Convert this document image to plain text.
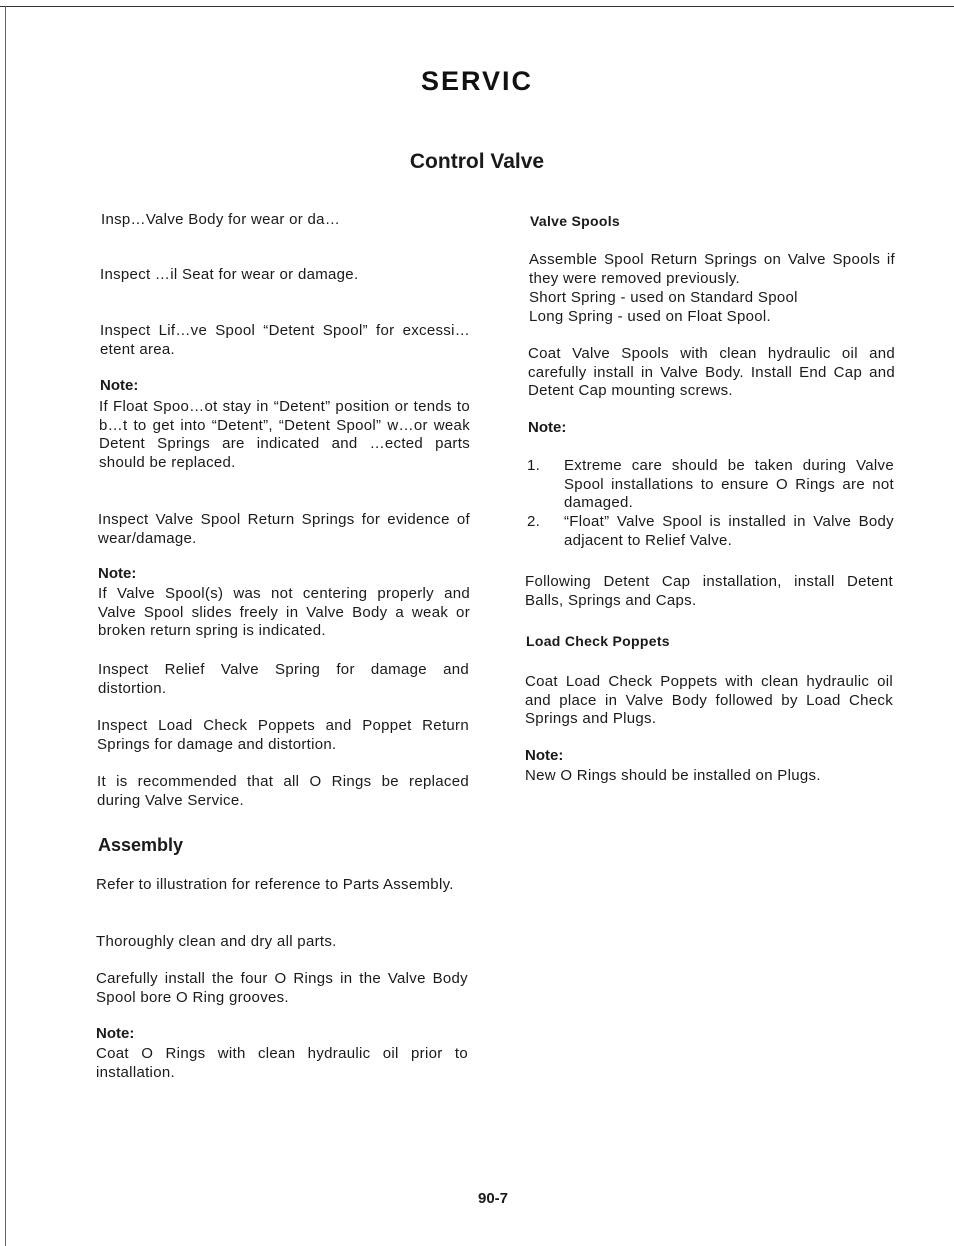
SERVIC
Control Valve

Insp…Valve Body for wear or da…

Inspect …il Seat for wear or damage.

Inspect Lif…ve Spool “Detent Spool” for excessi…etent area.

Note:

If Float Spoo…ot stay in “Detent” position or tends to b…t to get into “Detent”, “Detent Spool” w…or weak Detent Springs are indicated and …ected parts should be replaced.

Inspect Valve Spool Return Springs for evidence of wear/damage.

Note:

If Valve Spool(s) was not centering properly and Valve Spool slides freely in Valve Body a weak or broken return spring is indicated.

Inspect Relief Valve Spring for damage and distortion.

Inspect Load Check Poppets and Poppet Return Springs for damage and distortion.

It is recommended that all O Rings be replaced during Valve Service.

Assembly

Refer to illustration for reference to Parts Assembly.

Thoroughly clean and dry all parts.

Carefully install the four O Rings in the Valve Body Spool bore O Ring grooves.

Note:

Coat O Rings with clean hydraulic oil prior to installation.

Valve Spools

Assemble Spool Return Springs on Valve Spools if they were removed previously.

Short Spring - used on Standard Spool

Long Spring - used on Float Spool.

Coat Valve Spools with clean hydraulic oil and carefully install in Valve Body. Install End Cap and Detent Cap mounting screws.

Note:
1. Extreme care should be taken during Valve Spool installations to ensure O Rings are not damaged.
2. “Float” Valve Spool is installed in Valve Body adjacent to Relief Valve.

Following Detent Cap installation, install Detent Balls, Springs and Caps.

Load Check Poppets

Coat Load Check Poppets with clean hydraulic oil and place in Valve Body followed by Load Check Springs and Plugs.

Note:

New O Rings should be installed on Plugs.

90-7
